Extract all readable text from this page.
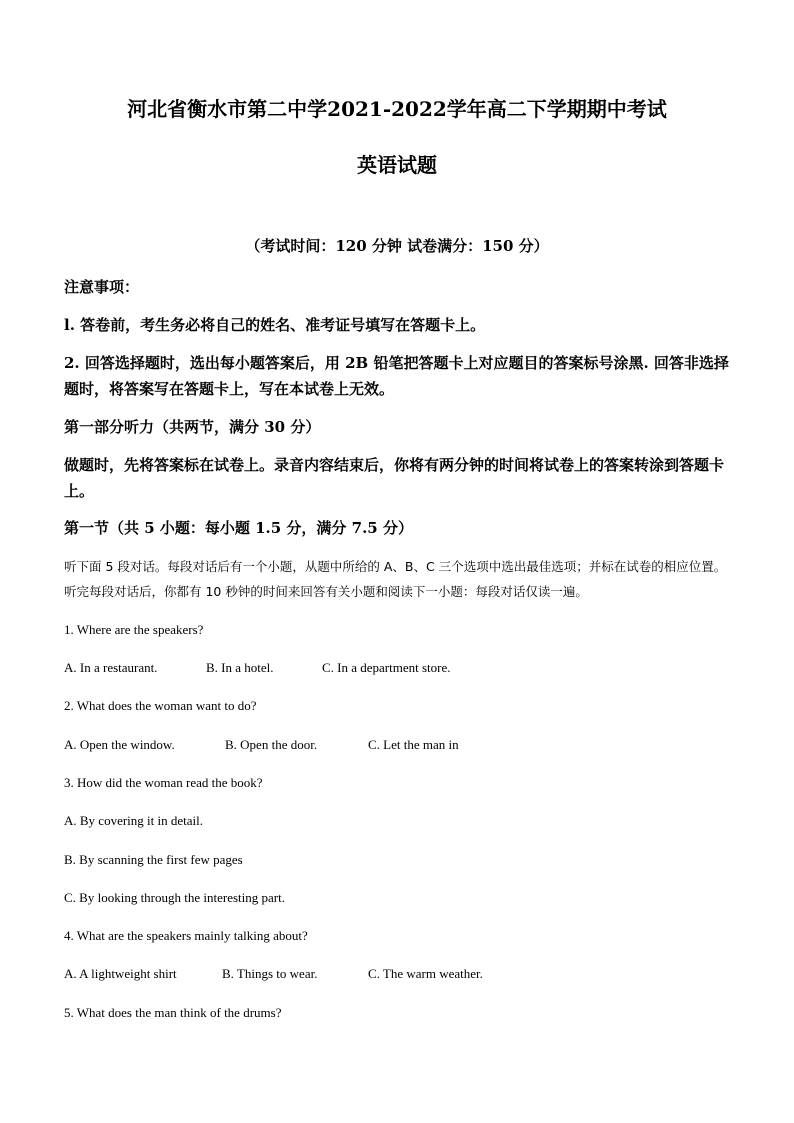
河北省衡水市第二中学2021-2022学年高二下学期期中考试
英语试题
（考试时间：120 分钟 试卷满分：150 分）
注意事项：
l. 答卷前，考生务必将自己的姓名、准考证号填写在答题卡上。
2. 回答选择题时，选出每小题答案后，用 2B 铅笔把答题卡上对应题目的答案标号涂黑. 回答非选择题时，将答案写在答题卡上，写在本试卷上无效。
第一部分听力（共两节，满分 30 分）
做题时，先将答案标在试卷上。录音内容结束后，你将有两分钟的时间将试卷上的答案转涂到答题卡上。
第一节（共 5 小题：每小题 1.5 分，满分 7.5 分）
听下面 5 段对话。每段对话后有一个小题，从题中所给的 A、B、C 三个选项中选出最佳选项；并标在试卷的相应位置。听完每段对话后，你都有 10 秒钟的时间来回答有关小题和阅读下一小题：每段对话仅读一遍。
1. Where are the speakers?
A. In a restaurant.	B. In a hotel.	C. In a department store.
2. What does the woman want to do?
A. Open the window.	B. Open the door.	C. Let the man in
3. How did the woman read the book?
A. By covering it in detail.
B. By scanning the first few pages
C. By looking through the interesting part.
4. What are the speakers mainly talking about?
A. A lightweight shirt	B. Things to wear.	C. The warm weather.
5. What does the man think of the drums?
